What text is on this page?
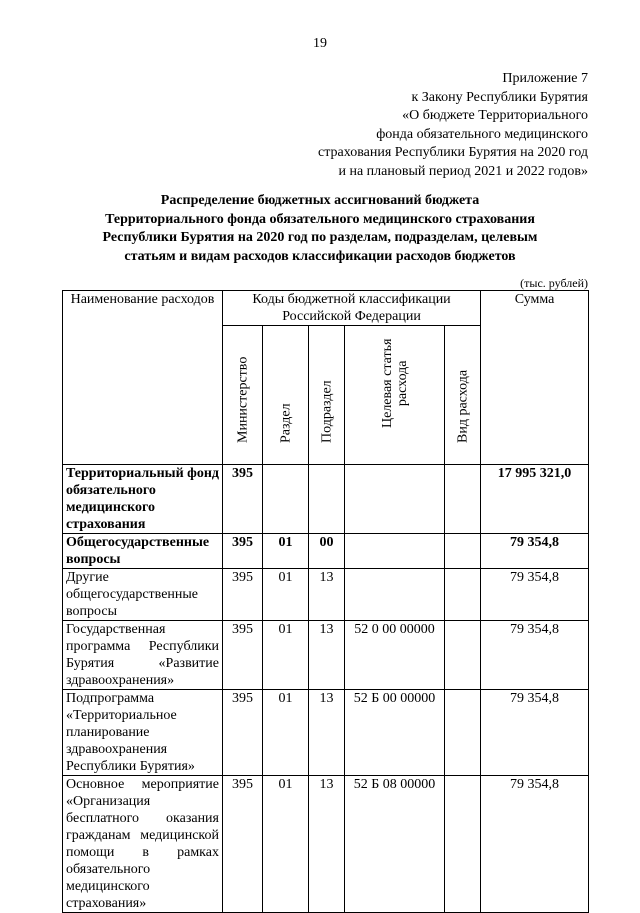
19
Приложение 7
к Закону Республики Бурятия
«О бюджете Территориального
фонда обязательного медицинского
страхования Республики Бурятия на 2020 год
и на плановый период 2021 и 2022 годов»
Распределение бюджетных ассигнований бюджета
Территориального фонда обязательного медицинского страхования
Республики Бурятия на 2020 год по разделам, подразделам, целевым
статьям и видам расходов классификации расходов бюджетов
(тыс. рублей)
Наименование расходов	Коды бюджетной классификации Российской Федерации					Сумма

	Министерство	Раздел	Подраздел	Целевая статья расхода	Вид расхода	

Территориальный фонд обязательного медицинского страхования	395					17 995 321,0
Общегосударственные вопросы	395	01	00			79 354,8
Другие общегосударственные вопросы	395	01	13			79 354,8
Государственная программа Республики Бурятия «Развитие здравоохранения»	395	01	13	52 0 00 00000		79 354,8
Подпрограмма «Территориальное планирование здравоохранения Республики Бурятия»	395	01	13	52 Б 00 00000		79 354,8
Основное мероприятие «Организация бесплатного оказания гражданам медицинской помощи в рамках обязательного медицинского страхования»	395	01	13	52 Б 08 00000		79 354,8
